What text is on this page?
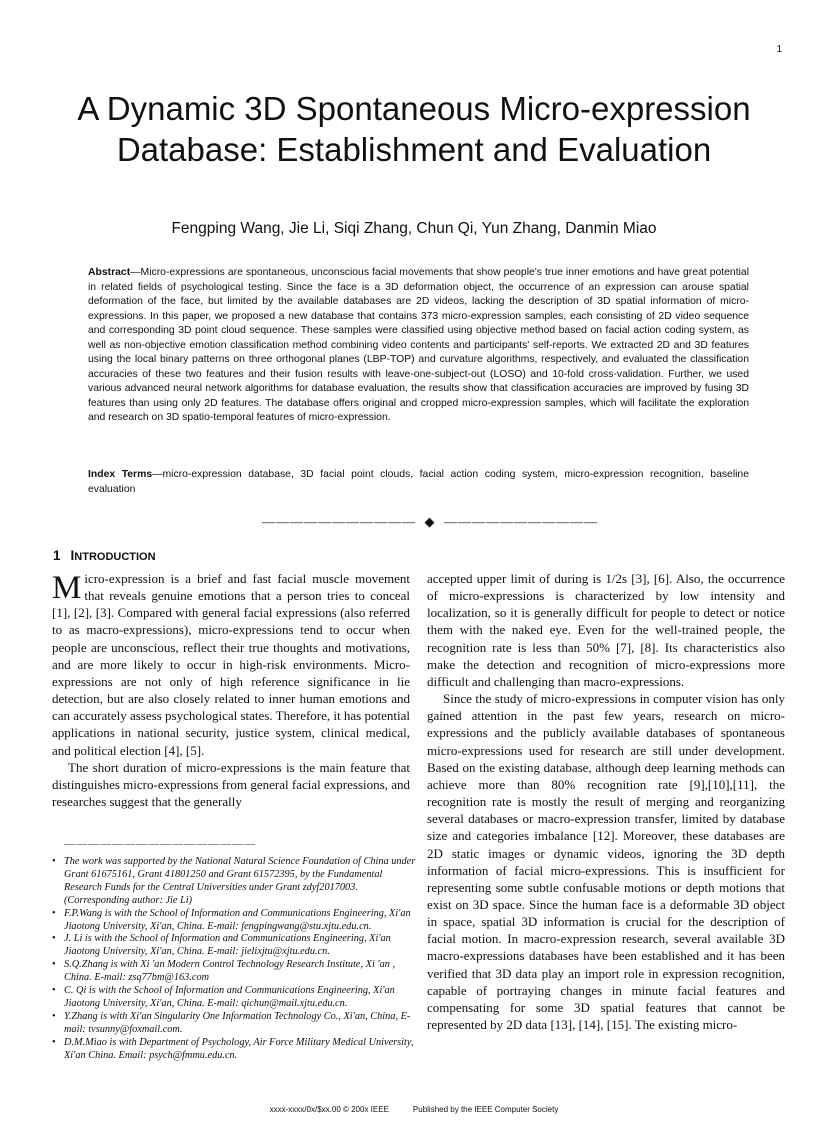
1
A Dynamic 3D Spontaneous Micro-expression Database: Establishment and Evaluation
Fengping Wang, Jie Li, Siqi Zhang, Chun Qi, Yun Zhang, Danmin Miao
Abstract—Micro-expressions are spontaneous, unconscious facial movements that show people's true inner emotions and have great potential in related fields of psychological testing. Since the face is a 3D deformation object, the occurrence of an expression can arouse spatial deformation of the face, but limited by the available databases are 2D videos, lacking the description of 3D spatial information of micro-expressions. In this paper, we proposed a new database that contains 373 micro-expression samples, each consisting of 2D video sequence and corresponding 3D point cloud sequence. These samples were classified using objective method based on facial action coding system, as well as non-objective emotion classification method combining video contents and participants' self-reports. We extracted 2D and 3D features using the local binary patterns on three orthogonal planes (LBP-TOP) and curvature algorithms, respectively, and evaluated the classification accuracies of these two features and their fusion results with leave-one-subject-out (LOSO) and 10-fold cross-validation. Further, we used various advanced neural network algorithms for database evaluation, the results show that classification accuracies are improved by fusing 3D features than using only 2D features. The database offers original and cropped micro-expression samples, which will facilitate the exploration and research on 3D spatio-temporal features of micro-expression.
Index Terms—micro-expression database, 3D facial point clouds, facial action coding system, micro-expression recognition, baseline evaluation
———————————  ◆  ———————————
1 INTRODUCTION

Micro-expression is a brief and fast facial muscle movement that reveals genuine emotions that a person tries to conceal [1], [2], [3]. Compared with general facial expressions (also referred to as macro-expressions), micro-expressions tend to occur when people are unconscious, reflect their true thoughts and motivations, and are more likely to occur in high-risk environments. Micro-expressions are not only of high reference significance in lie detection, but are also closely related to inner human emotions and can accurately assess psychological states. Therefore, it has potential applications in national security, justice system, clinical medical, and political election [4], [5].

The short duration of micro-expressions is the main feature that distinguishes micro-expressions from general facial expressions, and researches suggest that the generally

accepted upper limit of during is 1/2s [3], [6]. Also, the occurrence of micro-expressions is characterized by low intensity and localization, so it is generally difficult for people to detect or notice them with the naked eye. Even for the well-trained people, the recognition rate is less than 50% [7], [8]. Its characteristics also make the detection and recognition of micro-expressions more difficult and challenging than macro-expressions.

Since the study of micro-expressions in computer vision has only gained attention in the past few years, research on micro-expressions and the publicly available databases of spontaneous micro-expressions used for research are still under development. Based on the existing database, although deep learning methods can achieve more than 80% recognition rate [9],[10],[11], the recognition rate is mostly the result of merging and reorganizing several databases or macro-expression transfer, limited by database size and categories imbalance [12]. Moreover, these databases are 2D static images or dynamic videos, ignoring the 3D depth information of facial micro-expressions. This is insufficient for representing some subtle confusable motions or depth motions that exist on 3D space. Since the human face is a deformable 3D object in space, spatial 3D information is crucial for the description of facial motion. In macro-expression research, several available 3D macro-expressions databases have been established and it has been verified that 3D data play an import role in expression recognition, capable of portraying changes in minute facial features and compensating for some 3D spatial features that cannot be represented by 2D data [13], [14], [15]. The existing micro-

————————————————
• The work was supported by the National Natural Science Foundation of China under Grant 61675161, Grant 41801250 and Grant 61572395, by the Fundamental Research Funds for the Central Universities under Grant zdyf2017003. (Corresponding author: Jie Li)
• F.P.Wang is with the School of Information and Communications Engineering, Xi'an Jiaotong University, Xi'an, China. E-mail: fengpingwang@stu.xjtu.edu.cn.
• J. Li is with the School of Information and Communications Engineering, Xi'an Jiaotong University, Xi'an, China. E-mail: jielixjtu@xjtu.edu.cn.
• S.Q.Zhang is with Xi 'an Modern Control Technology Research Institute, Xi 'an , China. E-mail: zsq77bm@163.com
• C. Qi is with the School of Information and Communications Engineering, Xi'an Jiaotong University, Xi'an, China. E-mail: qichun@mail.xjtu.edu.cn.
• Y.Zhang is with Xi'an Singularity One Information Technology Co., Xi'an, China, E-mail: tvsunny@foxmail.com.
• D.M.Miao is with Department of Psychology, Air Force Military Medical University, Xi'an China. Email: psych@fmmu.edu.cn.
xxxx-xxxx/0x/$xx.00 © 200x IEEE	Published by the IEEE Computer Society
